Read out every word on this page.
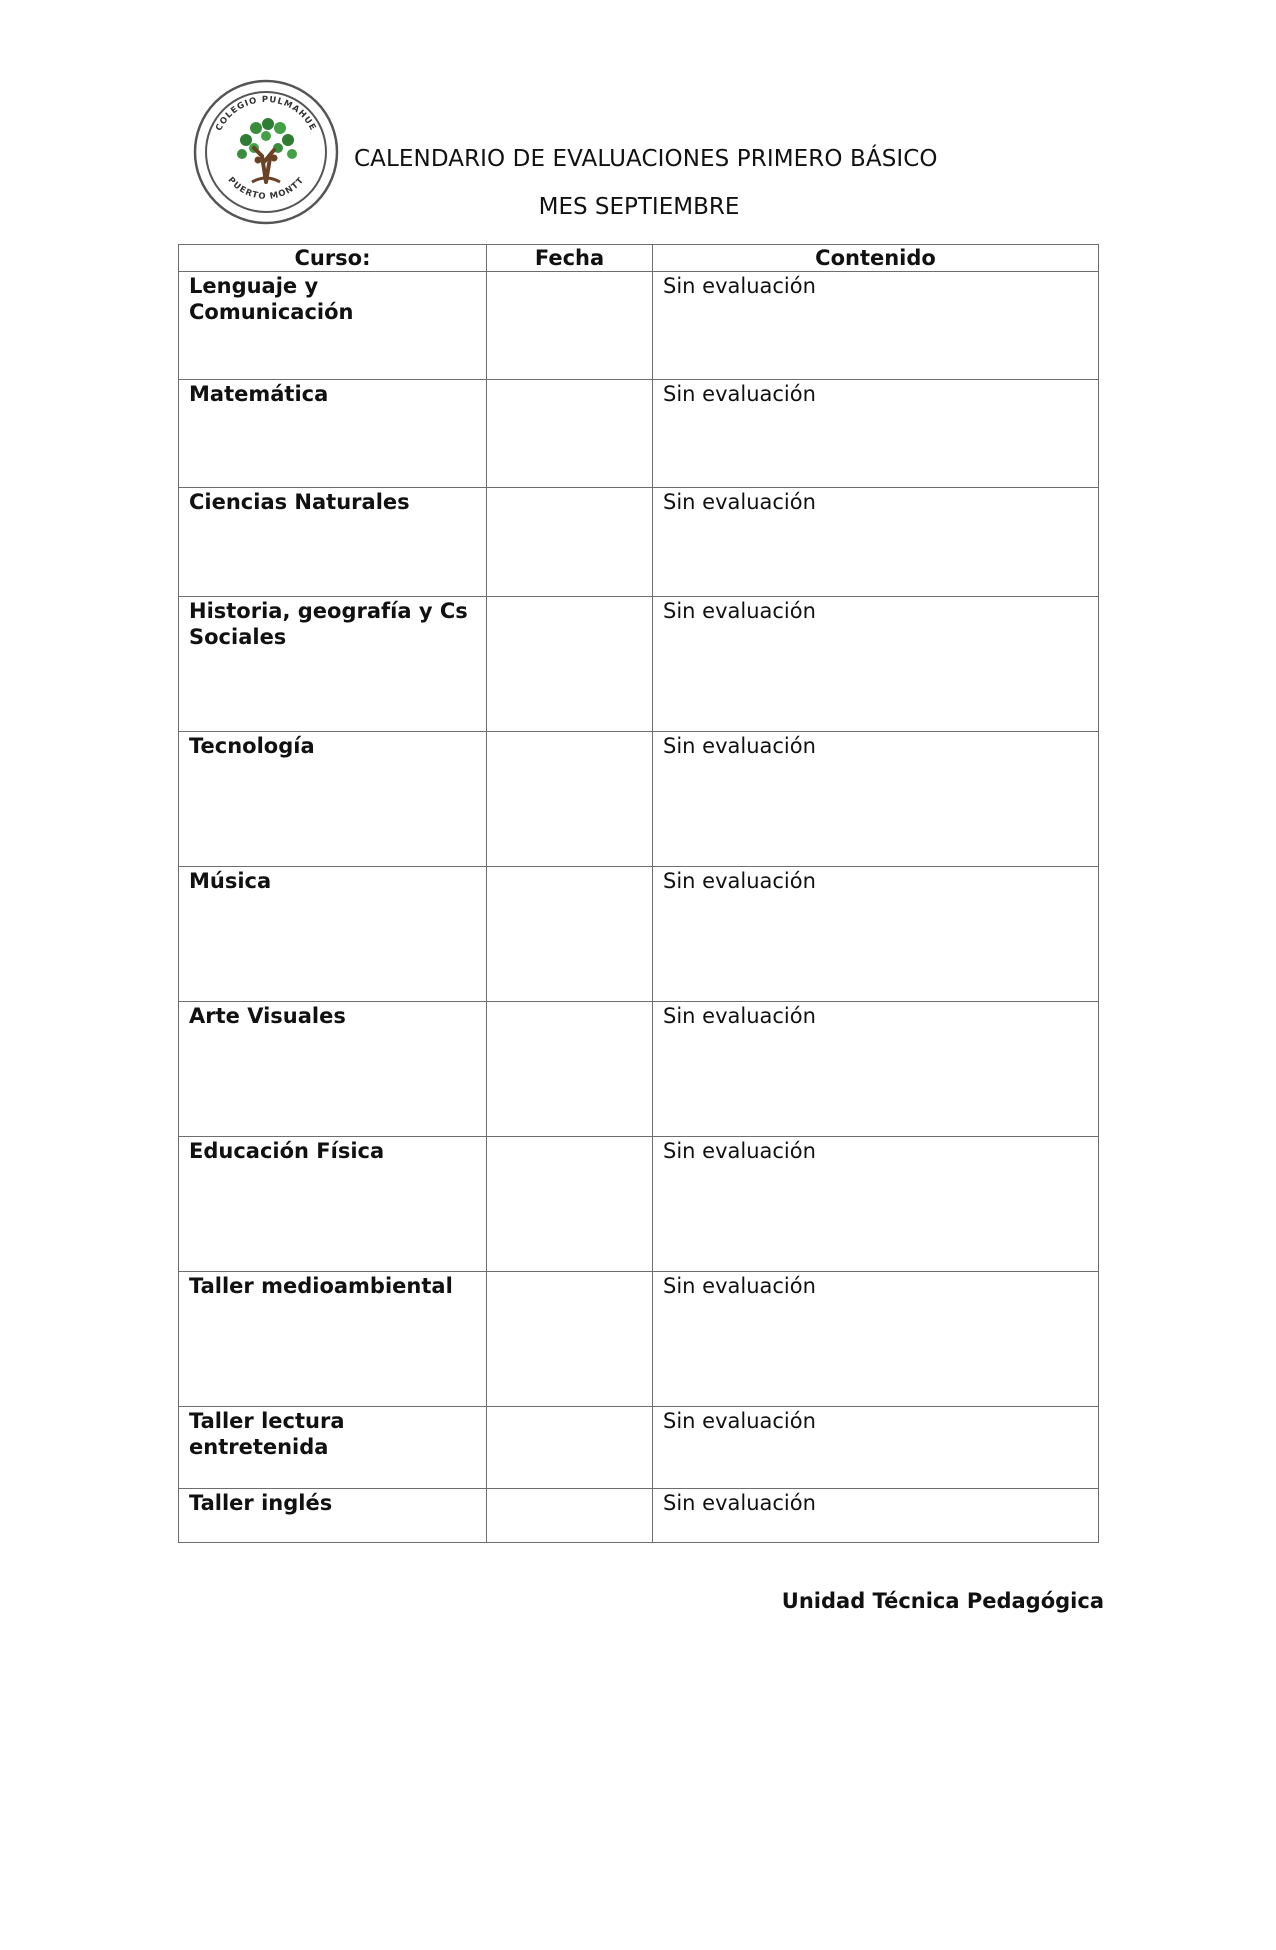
COLEGIO PULMAHUE
PUERTO MONTT
CALENDARIO DE EVALUACIONES PRIMERO BÁSICO
MES SEPTIEMBRE
Curso:	Fecha	Contenido
Lenguaje y Comunicación		Sin evaluación
Matemática		Sin evaluación
Ciencias Naturales		Sin evaluación
Historia, geografía y Cs Sociales		Sin evaluación
Tecnología		Sin evaluación
Música		Sin evaluación
Arte Visuales		Sin evaluación
Educación Física		Sin evaluación
Taller medioambiental		Sin evaluación
Taller lectura entretenida		Sin evaluación
Taller inglés		Sin evaluación
Unidad Técnica Pedagógica
